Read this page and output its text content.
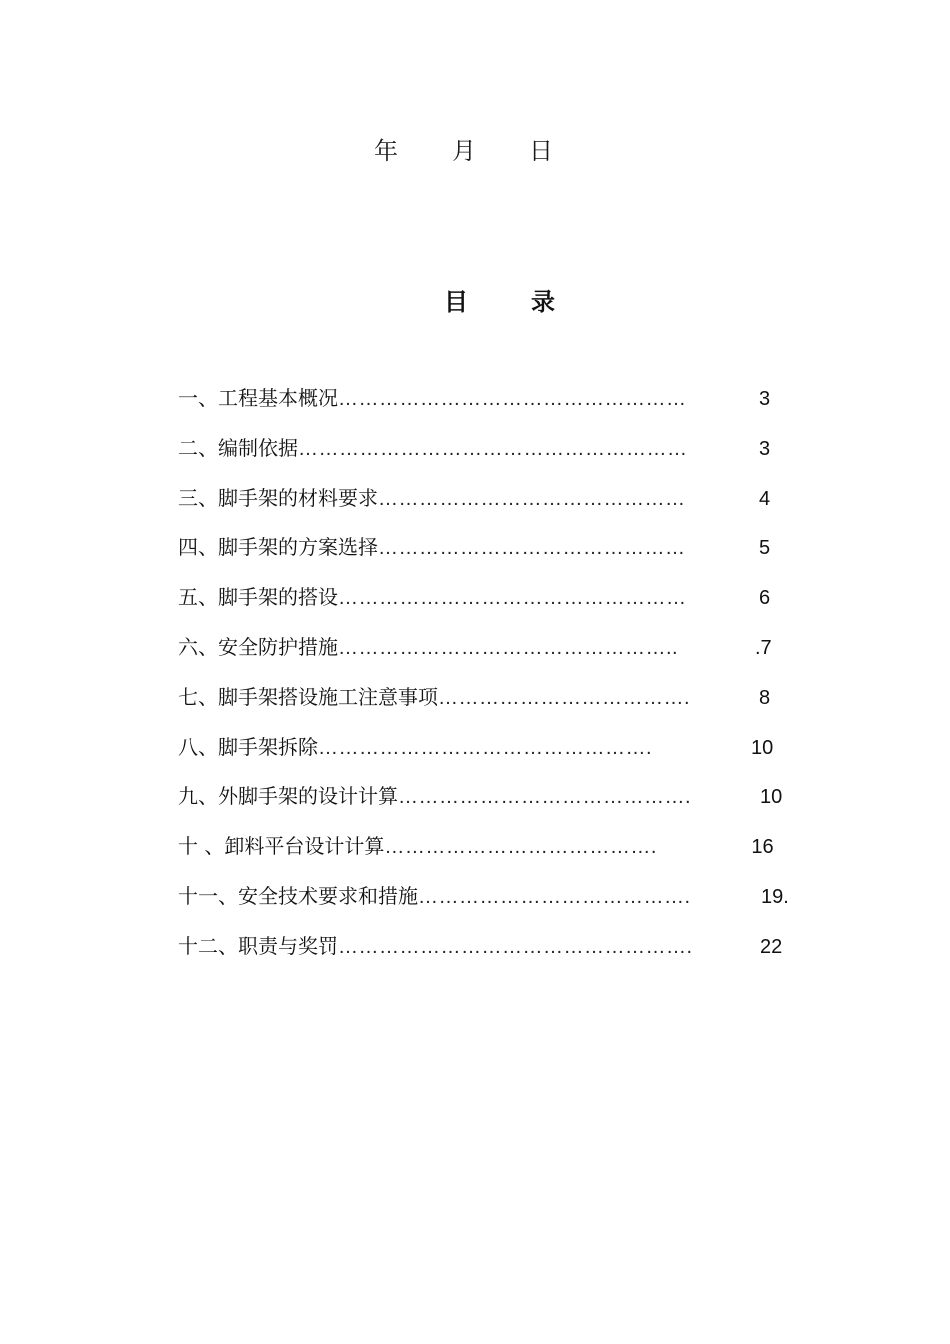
年 月 日
目	录
一、工程基本概况 ……………………………………………	3
二、编制依据 …………………………………………………	3
三、脚手架的材料要求 ………………………………………	4
四、脚手架的方案选择 ………………………………………	5
五、脚手架的搭设 ……………………………………………	6
六、安全防护措施 …………………………………………..	.7
七、脚手架搭设施工注意事项 ……………………………….	8
八、脚手架拆除 ………………………………………….	10
九、外脚手架的设计计算 …………………………………….	10
十 、卸料平台设计计算 ………………………………….	16
十一、安全技术要求和措施 ………………………………….	19.
十二、职责与奖罚 …………………………………………….	22
